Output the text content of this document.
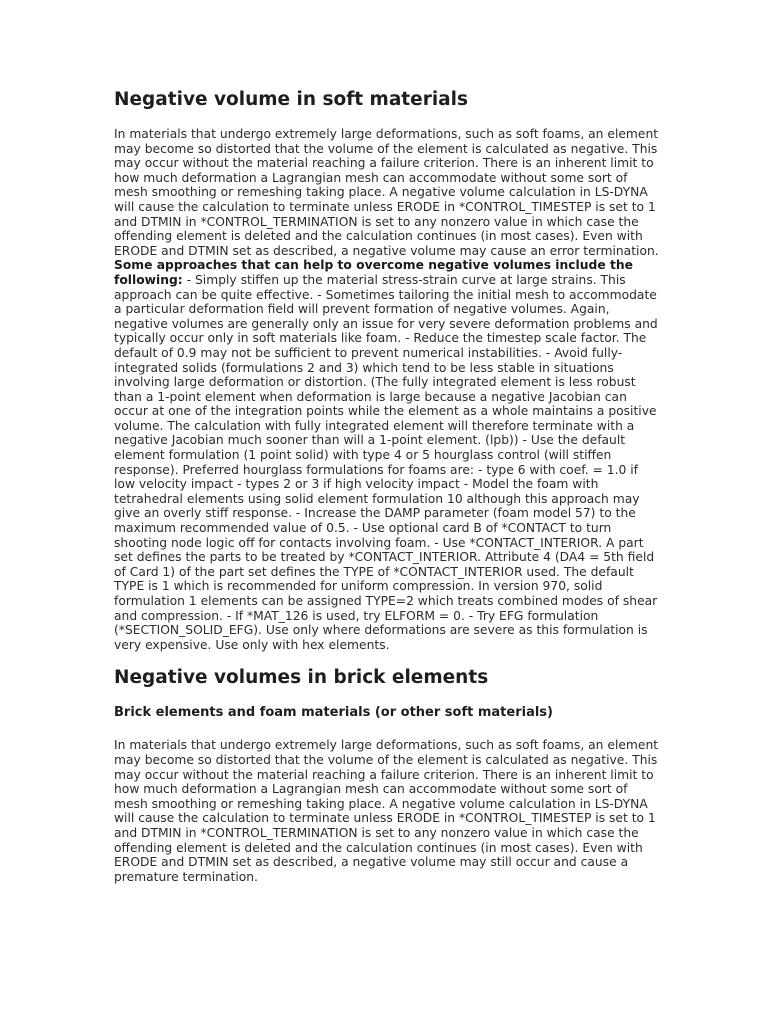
Negative volume in soft materials

In materials that undergo extremely large deformations, such as soft foams, an element may become so distorted that the volume of the element is calculated as negative. This may occur without the material reaching a failure criterion. There is an inherent limit to how much deformation a Lagrangian mesh can accommodate without some sort of mesh smoothing or remeshing taking place. A negative volume calculation in LS-DYNA will cause the calculation to terminate unless ERODE in *CONTROL_TIMESTEP is set to 1 and DTMIN in *CONTROL_TERMINATION is set to any nonzero value in which case the offending element is deleted and the calculation continues (in most cases). Even with ERODE and DTMIN set as described, a negative volume may cause an error termination. Some approaches that can help to overcome negative volumes include the following: - Simply stiffen up the material stress-strain curve at large strains. This approach can be quite effective. - Sometimes tailoring the initial mesh to accommodate a particular deformation field will prevent formation of negative volumes. Again, negative volumes are generally only an issue for very severe deformation problems and typically occur only in soft materials like foam. - Reduce the timestep scale factor. The default of 0.9 may not be sufficient to prevent numerical instabilities. - Avoid fully-integrated solids (formulations 2 and 3) which tend to be less stable in situations involving large deformation or distortion. (The fully integrated element is less robust than a 1-point element when deformation is large because a negative Jacobian can occur at one of the integration points while the element as a whole maintains a positive volume. The calculation with fully integrated element will therefore terminate with a negative Jacobian much sooner than will a 1-point element. (lpb)) - Use the default element formulation (1 point solid) with type 4 or 5 hourglass control (will stiffen response). Preferred hourglass formulations for foams are: - type 6 with coef. = 1.0 if low velocity impact - types 2 or 3 if high velocity impact - Model the foam with tetrahedral elements using solid element formulation 10 although this approach may give an overly stiff response. - Increase the DAMP parameter (foam model 57) to the maximum recommended value of 0.5. - Use optional card B of *CONTACT to turn shooting node logic off for contacts involving foam. - Use *CONTACT_INTERIOR. A part set defines the parts to be treated by *CONTACT_INTERIOR. Attribute 4 (DA4 = 5th field of Card 1) of the part set defines the TYPE of *CONTACT_INTERIOR used. The default TYPE is 1 which is recommended for uniform compression. In version 970, solid formulation 1 elements can be assigned TYPE=2 which treats combined modes of shear and compression. - If *MAT_126 is used, try ELFORM = 0. - Try EFG formulation (*SECTION_SOLID_EFG). Use only where deformations are severe as this formulation is very expensive. Use only with hex elements.

Negative volumes in brick elements
Brick elements and foam materials (or other soft materials)

In materials that undergo extremely large deformations, such as soft foams, an element may become so distorted that the volume of the element is calculated as negative. This may occur without the material reaching a failure criterion. There is an inherent limit to how much deformation a Lagrangian mesh can accommodate without some sort of mesh smoothing or remeshing taking place. A negative volume calculation in LS-DYNA will cause the calculation to terminate unless ERODE in *CONTROL_TIMESTEP is set to 1 and DTMIN in *CONTROL_TERMINATION is set to any nonzero value in which case the offending element is deleted and the calculation continues (in most cases). Even with ERODE and DTMIN set as described, a negative volume may still occur and cause a premature termination.
